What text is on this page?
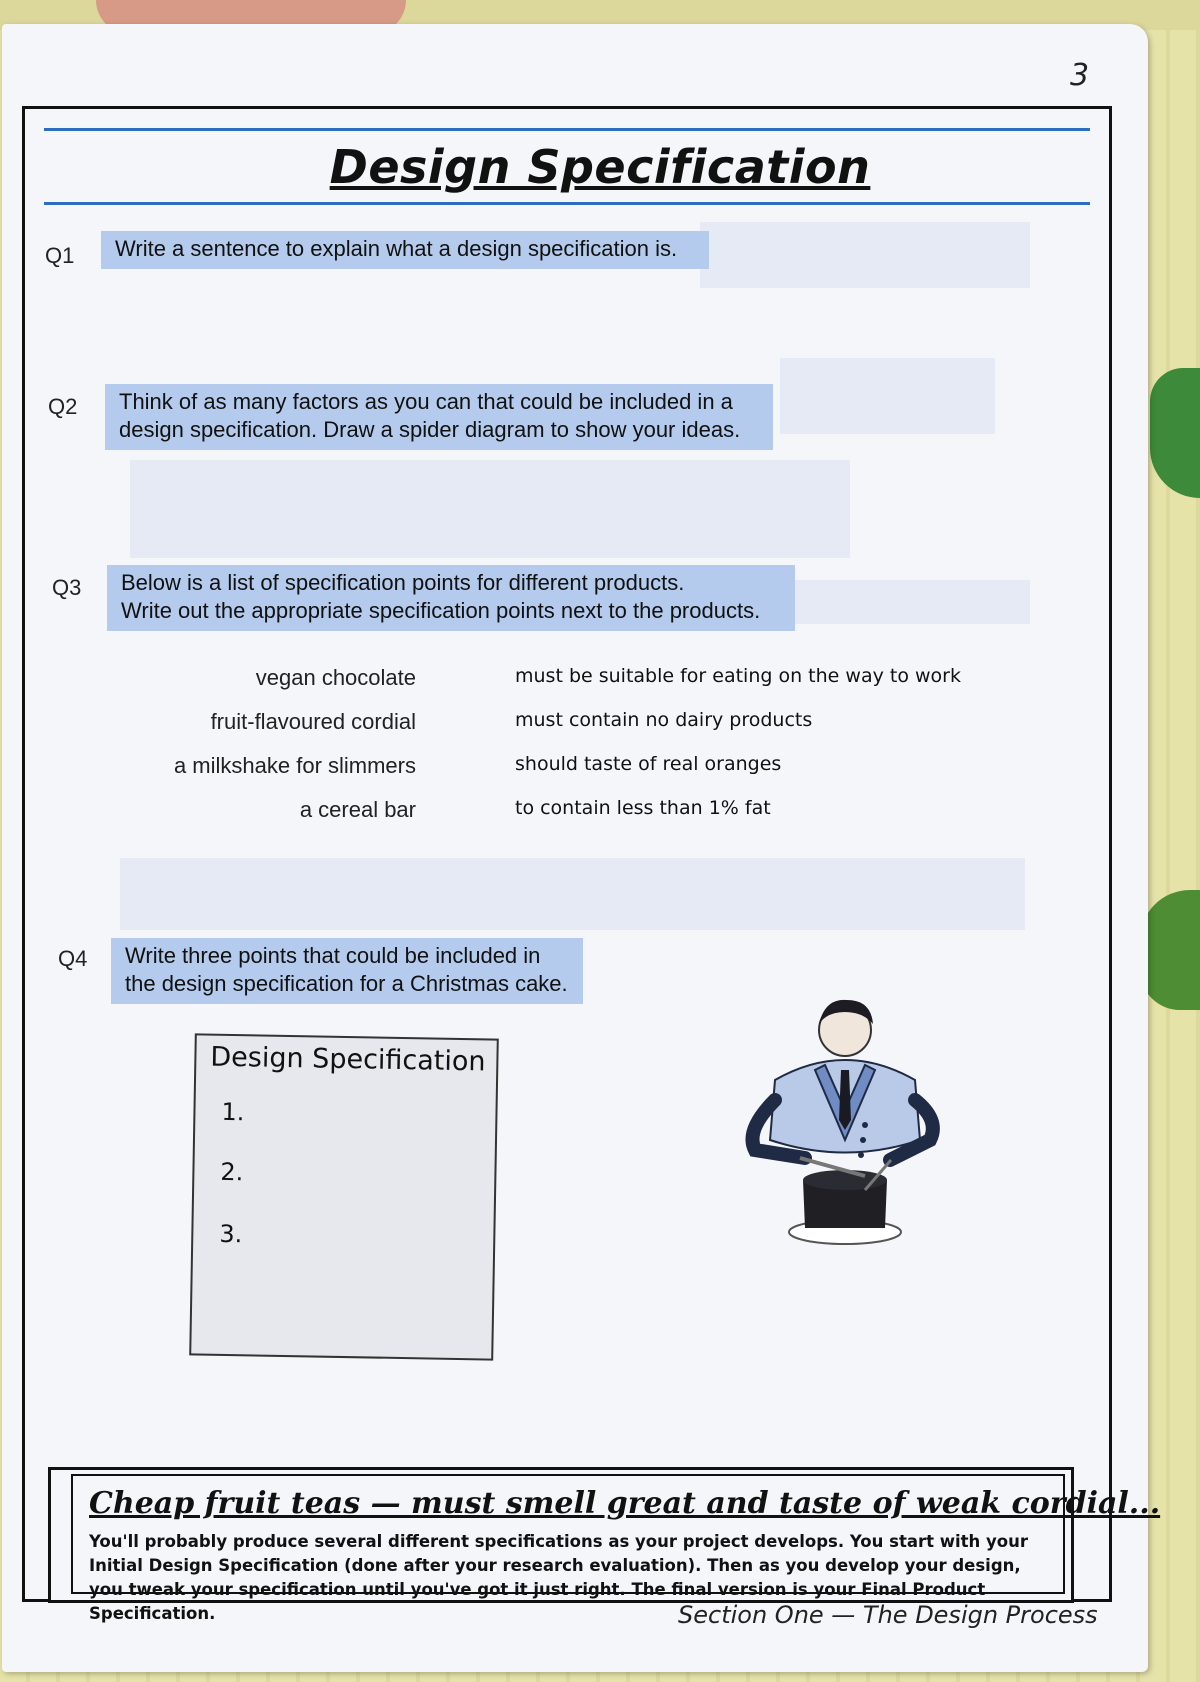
3
Design Specification
Q1 Write a sentence to explain what a design specification is.
Q2 Think of as many factors as you can that could be included in a
design specification. Draw a spider diagram to show your ideas.
Q3 Below is a list of specification points for different products.
Write out the appropriate specification points next to the products.
vegan chocolate
fruit-flavoured cordial
a milkshake for slimmers
a cereal bar
must be suitable for eating on the way to work
must contain no dairy products
should taste of real oranges
to contain less than 1% fat
Q4 Write three points that could be included in
the design specification for a Christmas cake.
Design Specification
1.
2.
3.
Cheap fruit teas — must smell great and taste of weak cordial...
You'll probably produce several different specifications as your project develops. You start with your Initial Design Specification (done after your research evaluation). Then as you develop your design, you tweak your specification until you've got it just right. The final version is your Final Product Specification.	Section One — The Design Process
